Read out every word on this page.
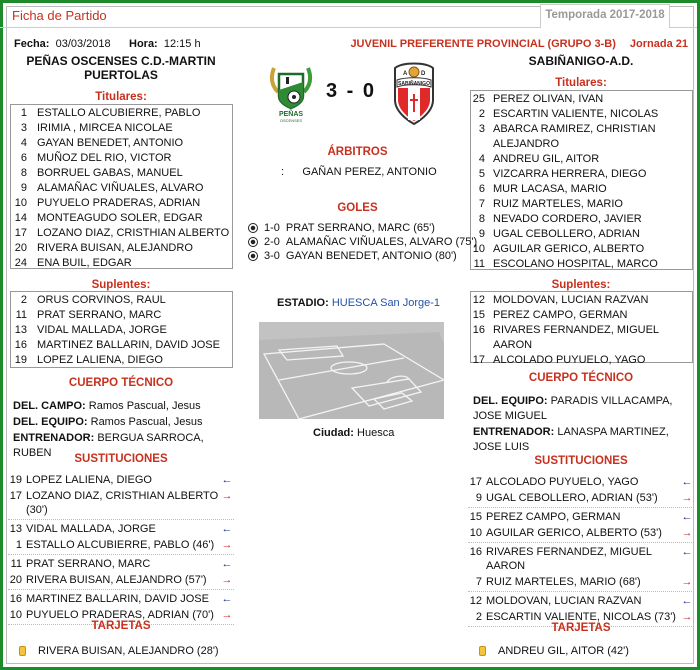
Ficha de Partido	Temporada 2017-2018
Fecha: 03/03/2018 Hora: 12:15 h	JUVENIL PREFERENTE PROVINCIAL (GRUPO 3-B) Jornada 21
PEÑAS OSCENSES C.D.-MARTIN PUERTOLAS
SABIÑANIGO-A.D.
Titulares:
1 ESTALLO ALCUBIERRE, PABLO
3 IRIMIA , MIRCEA NICOLAE
4 GAYAN BENEDET, ANTONIO
6 MUÑOZ DEL RIO, VICTOR
8 BORRUEL GABAS, MANUEL
9 ALAMAÑAC VIÑUALES, ALVARO
10 PUYUELO PRADERAS, ADRIAN
14 MONTEAGUDO SOLER, EDGAR
17 LOZANO DIAZ, CRISTHIAN ALBERTO
20 RIVERA BUISAN, ALEJANDRO
24 ENA BUIL, EDGAR
Suplentes:
2 ORUS CORVINOS, RAUL
11 PRAT SERRANO, MARC
13 VIDAL MALLADA, JORGE
16 MARTINEZ BALLARIN, DAVID JOSE
19 LOPEZ LALIENA, DIEGO
CUERPO TÉCNICO
DEL. CAMPO: Ramos Pascual, Jesus
DEL. EQUIPO: Ramos Pascual, Jesus
ENTRENADOR: BERGUA SARROCA, RUBEN	SUSTITUCIONES
19 LOPEZ LALIENA, DIEGO	←
17 LOZANO DIAZ, CRISTHIAN ALBERTO (30')
→
13 VIDAL MALLADA, JORGE	←
1 ESTALLO ALCUBIERRE, PABLO (46') →
11 PRAT SERRANO, MARC	←
20 RIVERA BUISAN, ALEJANDRO (57')	→
16 MARTINEZ BALLARIN, DAVID JOSE	←
10 PUYUELO PRADERAS, ADRIAN (70') →
TARJETAS
RIVERA BUISAN, ALEJANDRO (28')
Titulares:
25 PEREZ OLIVAN, IVAN
2 ESCARTIN VALIENTE, NICOLAS
3 ABARCA RAMIREZ, CHRISTIAN ALEJANDRO
4 ANDREU GIL, AITOR
5 VIZCARRA HERRERA, DIEGO
6 MUR LACASA, MARIO
7 RUIZ MARTELES, MARIO
8 NEVADO CORDERO, JAVIER
9 UGAL CEBOLLERO, ADRIAN
10 AGUILAR GERICO, ALBERTO
11 ESCOLANO HOSPITAL, MARCO
Suplentes:
12 MOLDOVAN, LUCIAN RAZVAN
15 PEREZ CAMPO, GERMAN
16 RIVARES FERNANDEZ, MIGUEL AARON
17 ALCOLADO PUYUELO, YAGO
CUERPO TÉCNICO
DEL. EQUIPO: PARADIS VILLACAMPA, JOSE MIGUEL
ENTRENADOR: LANASPA MARTINEZ, JOSE LUIS
SUSTITUCIONES
17 ALCOLADO PUYUELO, YAGO	←
9 UGAL CEBOLLERO, ADRIAN (53')	→
15 PEREZ CAMPO, GERMAN	←
10 AGUILAR GERICO, ALBERTO (53')	→
16 RIVARES FERNANDEZ, MIGUEL AARON
←
7 RUIZ MARTELES, MARIO (68')	→
12 MOLDOVAN, LUCIAN RAZVAN	←
2 ESCARTIN VALIENTE, NICOLAS (73') →
TARJETAS
ANDREU GIL, AITOR (42')
PEÑAS
OSCENSES
3 - 0
A D
SABIÑANIGO
ÁRBITROS
: GAÑAN PEREZ, ANTONIO
GOLES
1-0 PRAT SERRANO, MARC (65')
2-0 ALAMAÑAC VIÑUALES, ALVARO (75')
3-0 GAYAN BENEDET, ANTONIO (80')
ESTADIO: HUESCA San Jorge-1
Ciudad: Huesca
